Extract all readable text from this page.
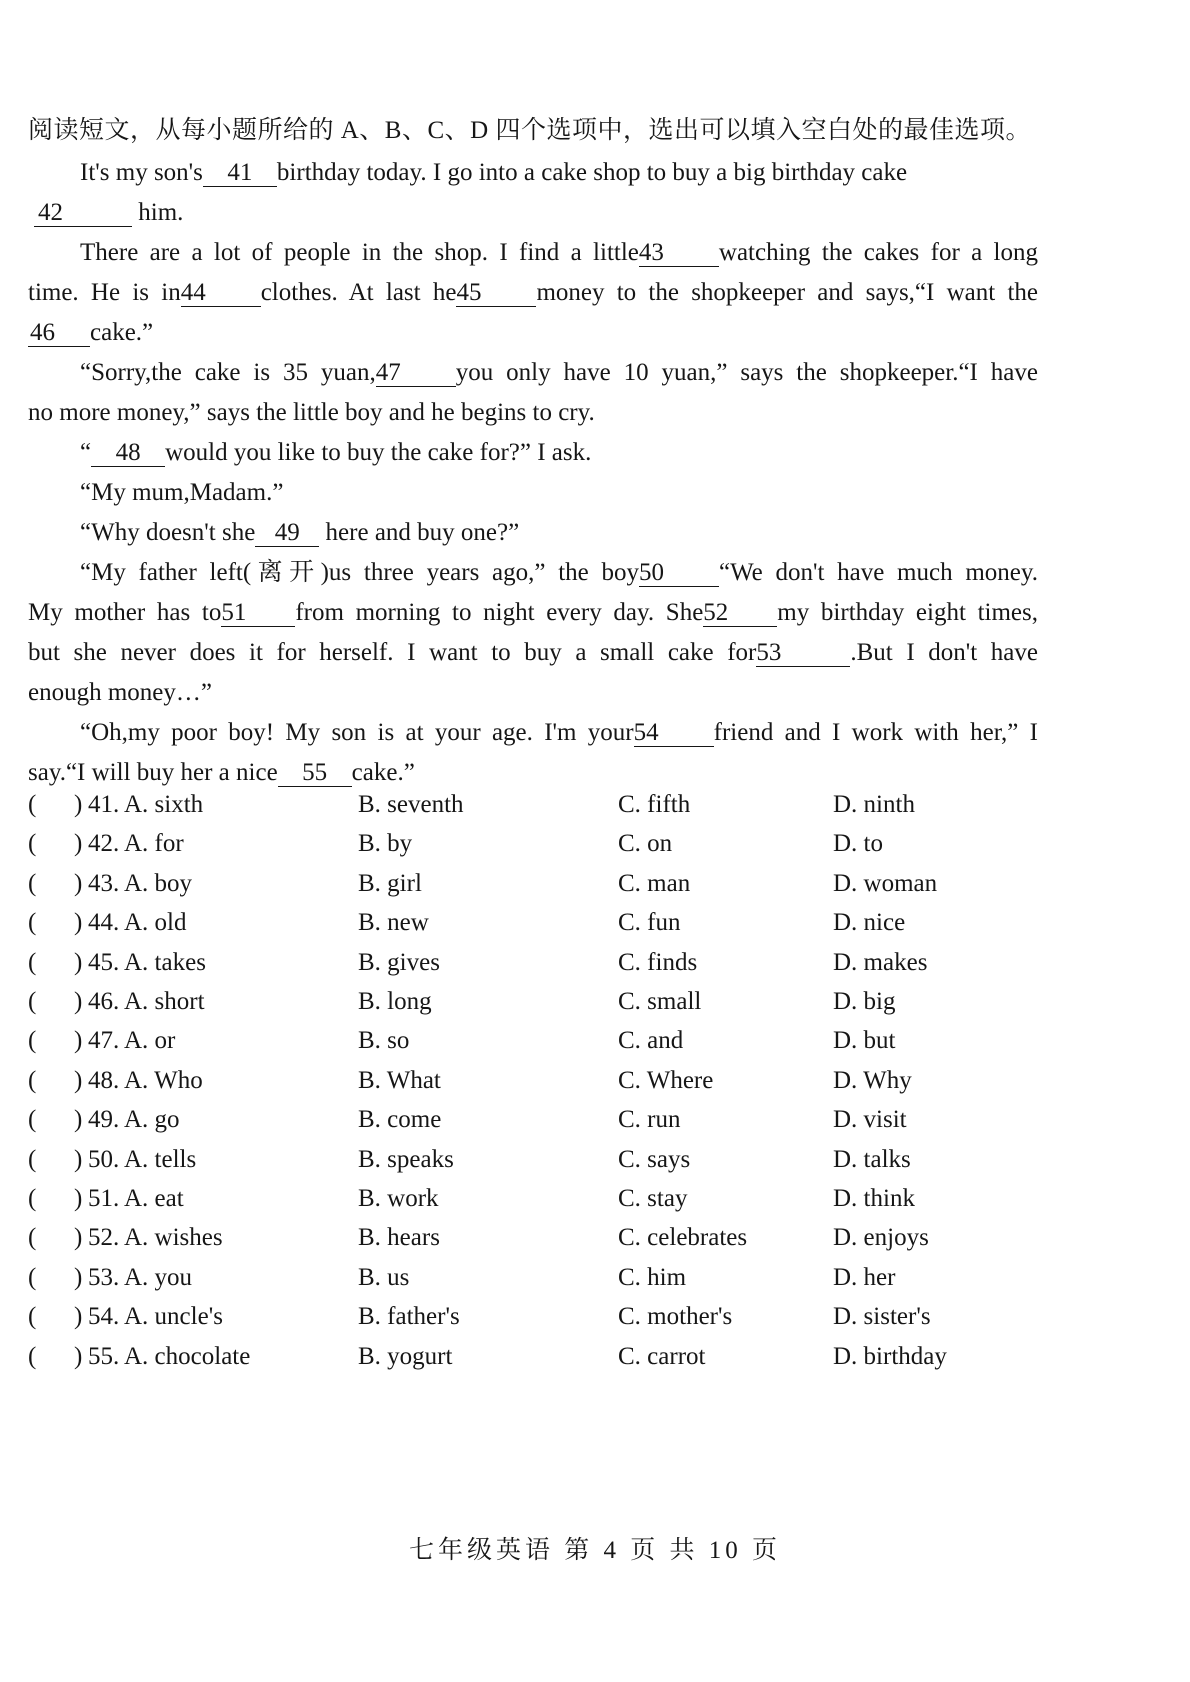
阅读短文，从每小题所给的 A、B、C、D 四个选项中，选出可以填入空白处的最佳选项。
It's my son's 41 birthday today. I go into a cake shop to buy a big birthday cake
42	him.
There are a lot of people in the shop. I find a little43 watching the cakes for a long
time. He is in44 clothes. At last he45 money to the shopkeeper and says,“I want the
46 cake.”
“Sorry,the cake is 35 yuan,47 you only have 10 yuan,” says the shopkeeper.“I have
no more money,” says the little boy and he begins to cry.
“ 48 would you like to buy the cake for?” I ask.
“My mum,Madam.”
“Why doesn't she 49 here and buy one?”
“My father left(离开)us three years ago,” the boy50 “We don't have much money.
My mother has to51 from morning to night every day. She52 my birthday eight times,
but she never does it for herself. I want to buy a small cake for53	.But I don't have
enough money…”
“Oh,my poor boy! My son is at your age. I'm your54 friend and I work with her,” I
say.“I will buy her a nice 55 cake.”
( ) 41. A. sixth	B. seventh	C. fifth	D. ninth
( ) 42. A. for	B. by	C. on	D. to
( ) 43. A. boy	B. girl	C. man	D. woman
( ) 44. A. old	B. new	C. fun	D. nice
( ) 45. A. takes	B. gives	C. finds	D. makes
( ) 46. A. short	B. long	C. small	D. big
( ) 47. A. or	B. so	C. and	D. but
( ) 48. A. Who	B. What	C. Where	D. Why
( ) 49. A. go	B. come	C. run	D. visit
( ) 50. A. tells	B. speaks	C. says	D. talks
( ) 51. A. eat	B. work	C. stay	D. think
( ) 52. A. wishes	B. hears	C. celebrates	D. enjoys
( ) 53. A. you	B. us	C. him	D. her
( ) 54. A. uncle's	B. father's	C. mother's	D. sister's
( ) 55. A. chocolate	B. yogurt	C. carrot	D. birthday
七年级英语 第 4 页 共 10 页
